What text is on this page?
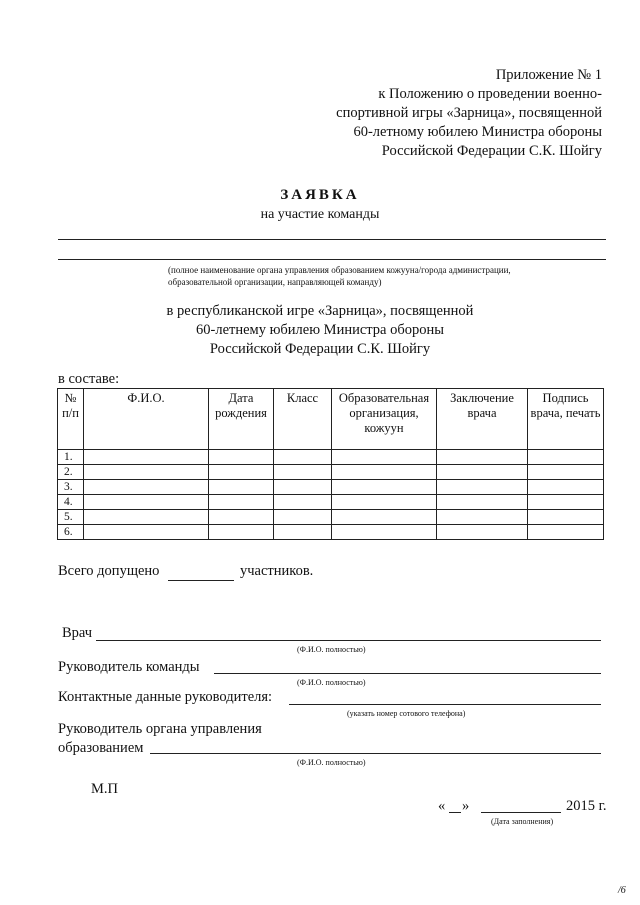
Приложение № 1
к Положению о проведении военно-
спортивной игры «Зарница», посвященной
60-летному юбилею Министра обороны
Российской Федерации С.К. Шойгу
ЗАЯВКА
на участие команды
(полное наименование органа управления образованием кожууна/города администрации, образовательной организации, направляющей команду)
в республиканской игре «Зарница», посвященной
60-летнему юбилею Министра обороны
Российской Федерации С.К. Шойгу
в составе:
№ п/п	Ф.И.О.	Дата рождения	Класс	Образовательная организация, кожуун	Заключение врача	Подпись врача, печать
1.						
2.						
3.						
4.						
5.						
6.						
Всего допущено	участников.
Врач
(Ф.И.О. полностью)
Руководитель команды
(Ф.И.О. полностью)
Контактные данные руководителя:
(указать номер сотового телефона)
Руководитель органа управления
образованием
(Ф.И.О. полностью)
М.П
« »	2015 г.
(Дата заполнения)
/6
